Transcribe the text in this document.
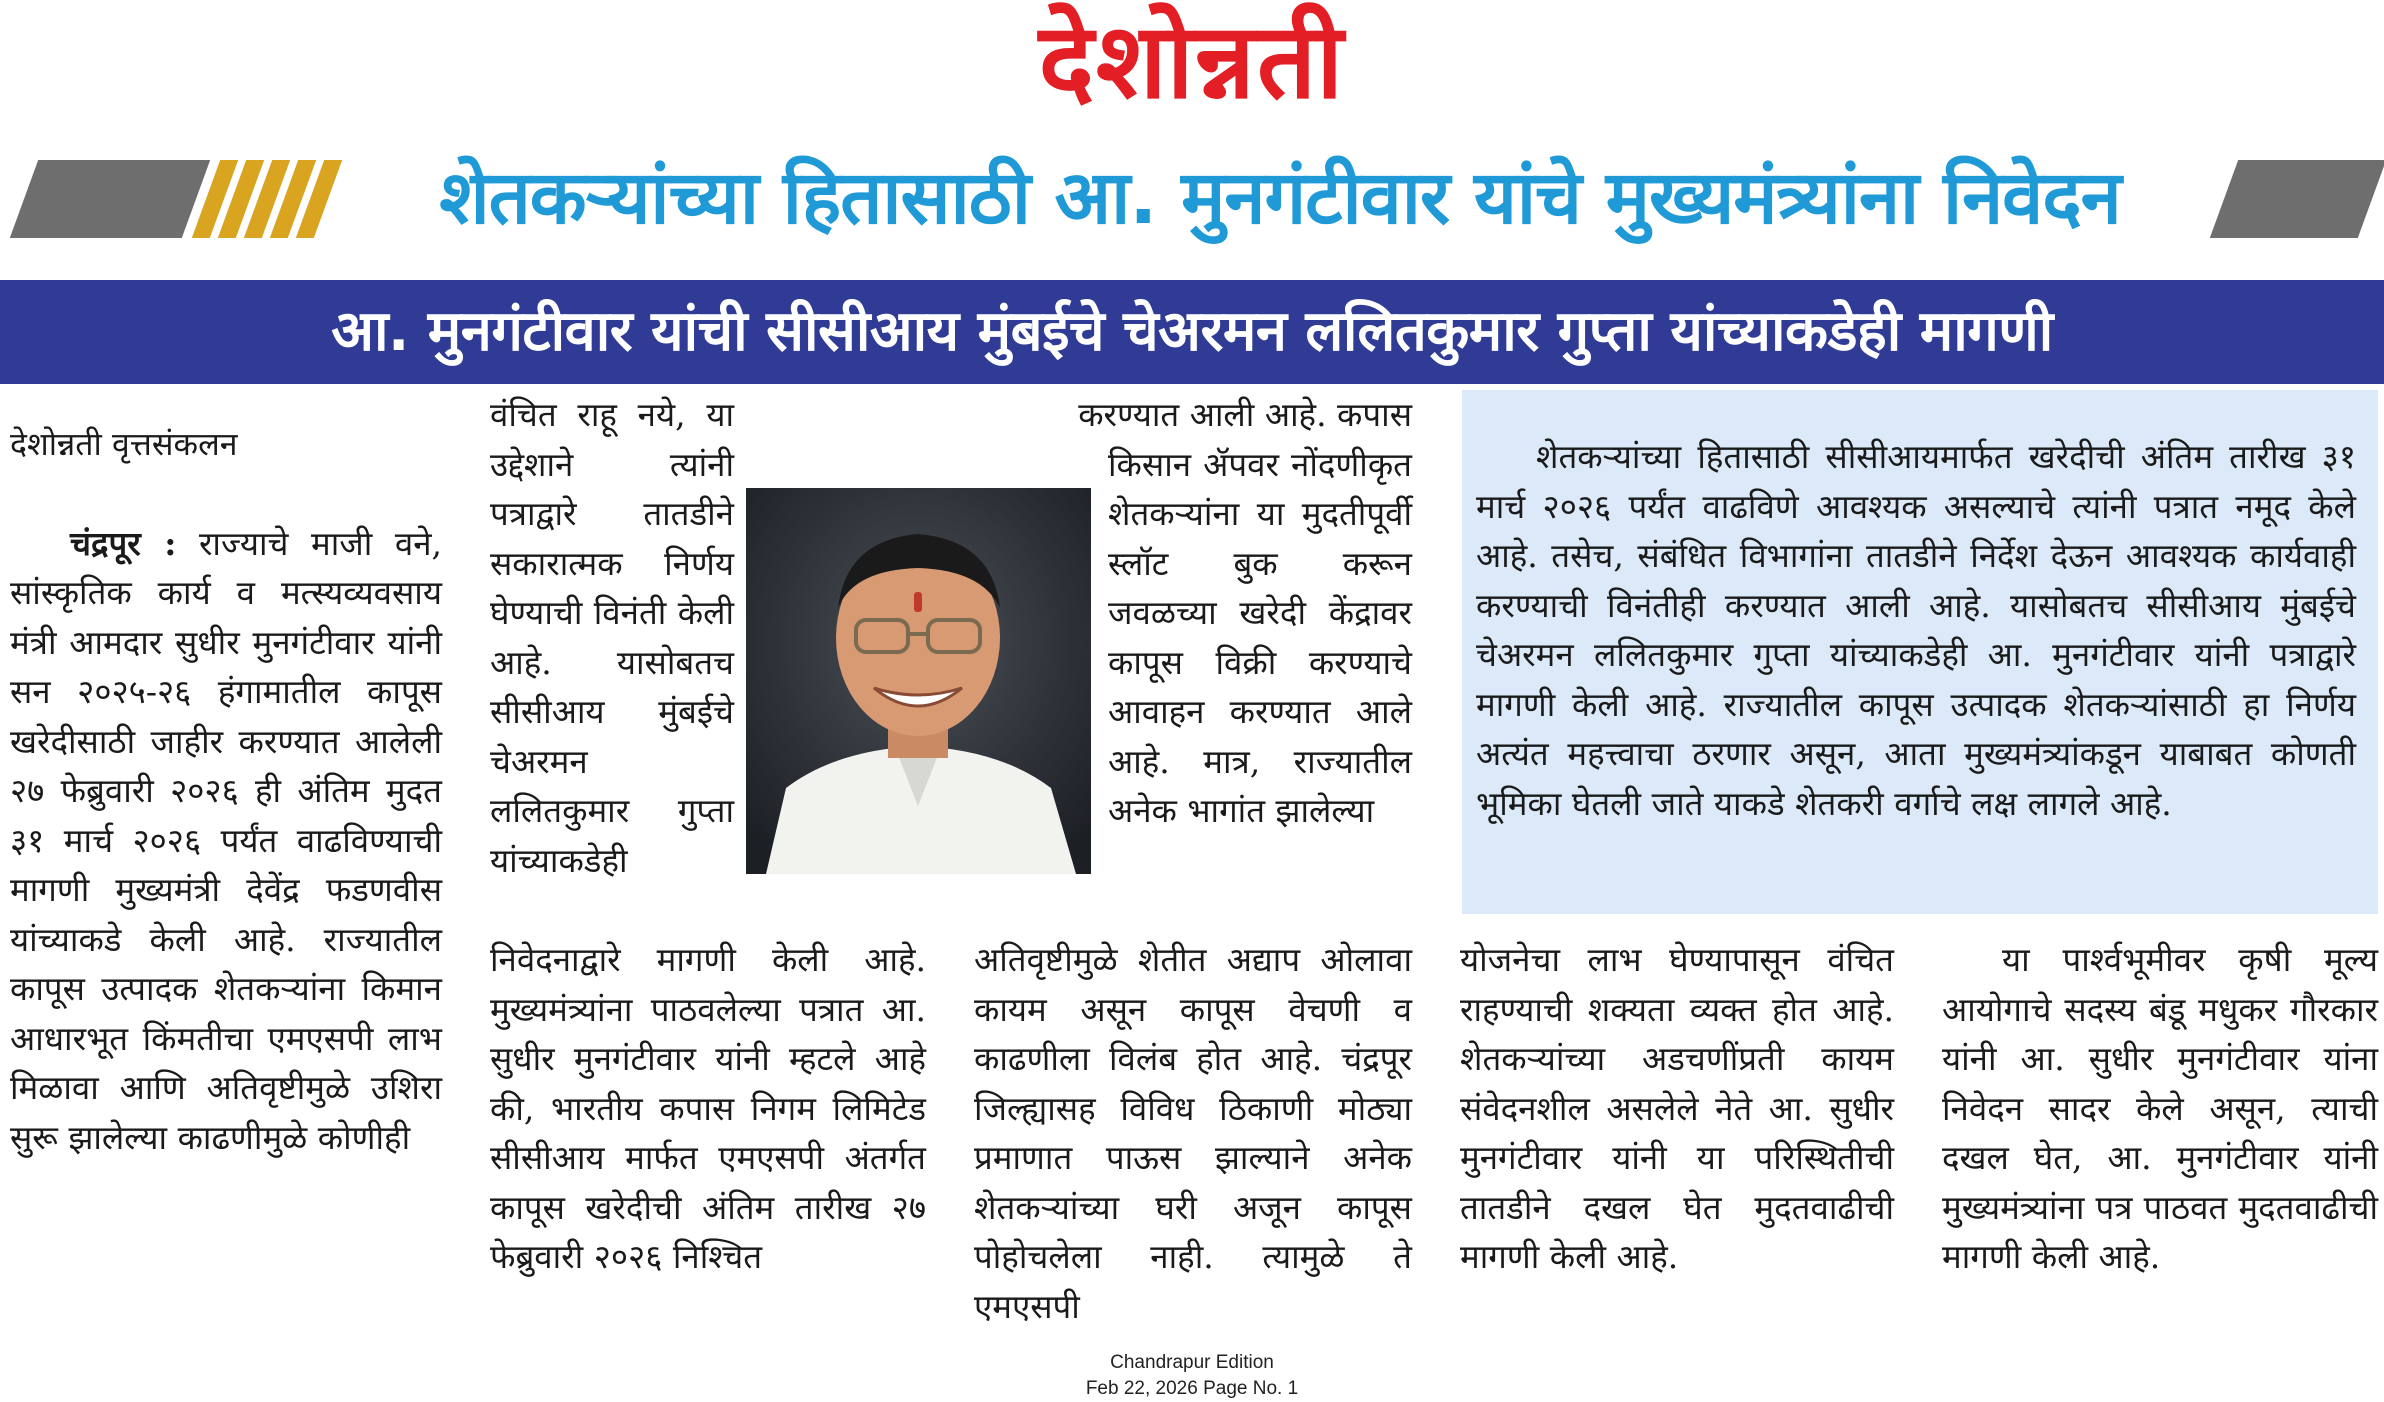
देशोन्नती
शेतकऱ्यांच्या हितासाठी आ. मुनगंटीवार यांचे मुख्यमंत्र्यांना निवेदन
आ. मुनगंटीवार यांची सीसीआय मुंबईचे चेअरमन ललितकुमार गुप्ता यांच्याकडेही मागणी

देशोन्नती वृत्तसंकलन

चंद्रपूर : राज्याचे माजी वने, सांस्कृतिक कार्य व मत्स्यव्यवसाय मंत्री आमदार सुधीर मुनगंटीवार यांनी सन २०२५-२६ हंगामातील कापूस खरेदीसाठी जाहीर करण्यात आलेली २७ फेब्रुवारी २०२६ ही अंतिम मुदत ३१ मार्च २०२६ पर्यंत वाढविण्याची मागणी मुख्यमंत्री देवेंद्र फडणवीस यांच्याकडे केली आहे. राज्यातील कापूस उत्पादक शेतकऱ्यांना किमान आधारभूत किंमतीचा एमएसपी लाभ मिळावा आणि अतिवृष्टीमुळे उशिरा सुरू झालेल्या काढणीमुळे कोणीही

वंचित राहू नये, या उद्देशाने त्यांनी पत्राद्वारे तातडीने सकारात्मक निर्णय घेण्याची विनंती केली आहे. यासोबतच सीसीआय मुंबईचे चेअरमन ललितकुमार गुप्ता यांच्याकडेही

निवेदनाद्वारे मागणी केली आहे. मुख्यमंत्र्यांना पाठवलेल्या पत्रात आ. सुधीर मुनगंटीवार यांनी म्हटले आहे की, भारतीय कपास निगम लिमिटेड सीसीआय मार्फत एमएसपी अंतर्गत कापूस खरेदीची अंतिम तारीख २७ फेब्रुवारी २०२६ निश्चित

करण्यात आली आहे. कपास

किसान ॲपवर नोंदणीकृत शेतकऱ्यांना या मुदतीपूर्वी स्लॉट बुक करून जवळच्या खरेदी केंद्रावर कापूस विक्री करण्याचे आवाहन करण्यात आले आहे. मात्र, राज्यातील अनेक भागांत झालेल्या

अतिवृष्टीमुळे शेतीत अद्याप ओलावा कायम असून कापूस वेचणी व काढणीला विलंब होत आहे. चंद्रपूर जिल्ह्यासह विविध ठिकाणी मोठ्या प्रमाणात पाऊस झाल्याने अनेक शेतकऱ्यांच्या घरी अजून कापूस पोहोचलेला नाही. त्यामुळे ते एमएसपी

शेतकऱ्यांच्या हितासाठी सीसीआयमार्फत खरेदीची अंतिम तारीख ३१ मार्च २०२६ पर्यंत वाढविणे आवश्यक असल्याचे त्यांनी पत्रात नमूद केले आहे. तसेच, संबंधित विभागांना तातडीने निर्देश देऊन आवश्यक कार्यवाही करण्याची विनंतीही करण्यात आली आहे. यासोबतच सीसीआय मुंबईचे चेअरमन ललितकुमार गुप्ता यांच्याकडेही आ. मुनगंटीवार यांनी पत्राद्वारे मागणी केली आहे. राज्यातील कापूस उत्पादक शेतकऱ्यांसाठी हा निर्णय अत्यंत महत्त्वाचा ठरणार असून, आता मुख्यमंत्र्यांकडून याबाबत कोणती भूमिका घेतली जाते याकडे शेतकरी वर्गाचे लक्ष लागले आहे.

योजनेचा लाभ घेण्यापासून वंचित राहण्याची शक्यता व्यक्त होत आहे. शेतकऱ्यांच्या अडचणींप्रती कायम संवेदनशील असलेले नेते आ. सुधीर मुनगंटीवार यांनी या परिस्थितीची तातडीने दखल घेत मुदतवाढीची मागणी केली आहे.

या पार्श्वभूमीवर कृषी मूल्य आयोगाचे सदस्य बंडू मधुकर गौरकार यांनी आ. सुधीर मुनगंटीवार यांना निवेदन सादर केले असून, त्याची दखल घेत, आ. मुनगंटीवार यांनी मुख्यमंत्र्यांना पत्र पाठवत मुदतवाढीची मागणी केली आहे.

Chandrapur Edition
Feb 22, 2026 Page No. 1
